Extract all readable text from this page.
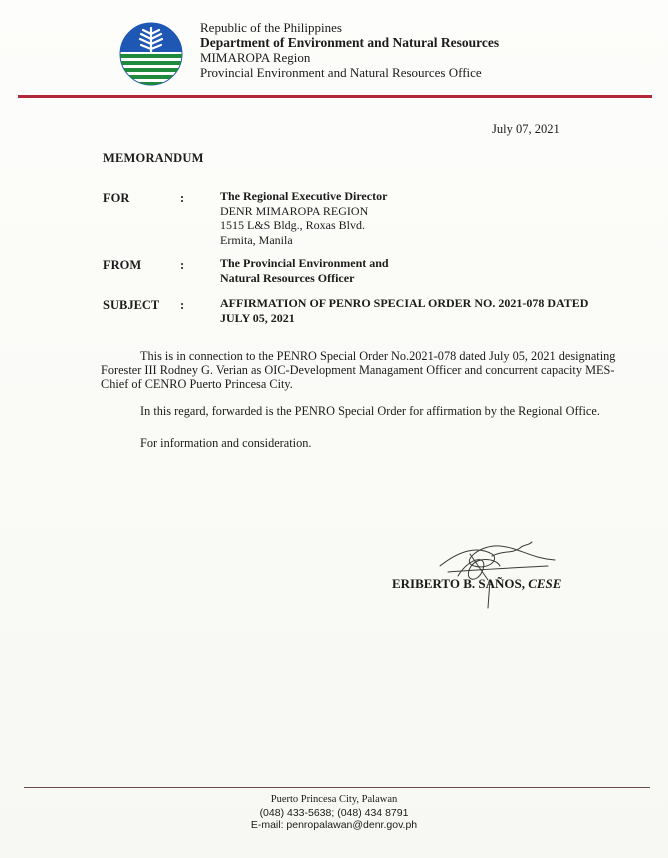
Republic of the Philippines
Department of Environment and Natural Resources
MIMAROPA Region
Provincial Environment and Natural Resources Office
July 07, 2021
MEMORANDUM
FOR	:	The Regional Executive Director
DENR MIMAROPA REGION
1515 L&S Bldg., Roxas Blvd.
Ermita, Manila
FROM	:	The Provincial Environment and
Natural Resources Officer
SUBJECT :	AFFIRMATION OF PENRO SPECIAL ORDER NO. 2021-078 DATED
JULY 05, 2021
This is in connection to the PENRO Special Order No.2021-078 dated July 05, 2021 designating
Forester III Rodney G. Verian as OIC-Development Managament Officer and concurrent capacity MES-
Chief of CENRO Puerto Princesa City.
In this regard, forwarded is the PENRO Special Order for affirmation by the Regional Office.
For information and consideration.
ERIBERTO B. SAÑOS, CESE
Puerto Princesa City, Palawan
(048) 433-5638; (048) 434 8791
E-mail: penropalawan@denr.gov.ph
